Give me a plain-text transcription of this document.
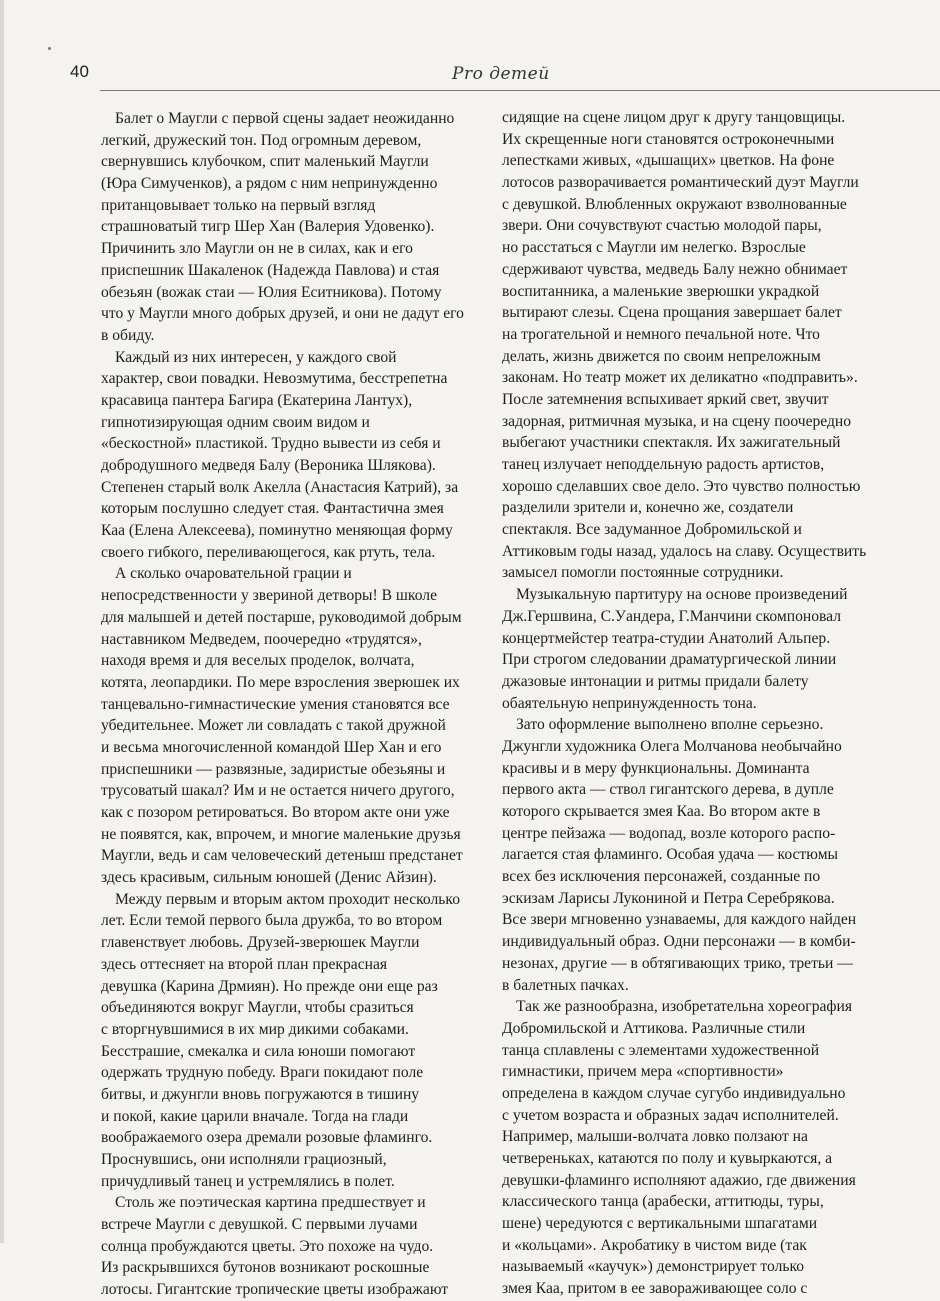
40	Pro детей
Балет о Маугли с первой сцены задает неожиданно
легкий, дружеский тон. Под огромным деревом,
свернувшись клубочком, спит маленький Маугли
(Юра Симученков), а рядом с ним непринужденно
пританцовывает только на первый взгляд
страшноватый тигр Шер Хан (Валерия Удовенко).
Причинить зло Маугли он не в силах, как и его
приспешник Шакаленок (Надежда Павлова) и стая
обезьян (вожак стаи — Юлия Еситникова). Потому
что у Маугли много добрых друзей, и они не дадут его
в обиду.
Каждый из них интересен, у каждого свой
характер, свои повадки. Невозмутима, бесстрепетна
красавица пантера Багира (Екатерина Лантух),
гипнотизирующая одним своим видом и
«бескостной» пластикой. Трудно вывести из себя и
добродушного медведя Балу (Вероника Шлякова).
Степенен старый волк Акелла (Анастасия Катрий), за
которым послушно следует стая. Фантастична змея
Каа (Елена Алексеева), поминутно меняющая форму
своего гибкого, переливающегося, как ртуть, тела.
А сколько очаровательной грации и
непосредственности у звериной детворы! В школе
для малышей и детей постарше, руководимой добрым
наставником Медведем, поочередно «трудятся»,
находя время и для веселых проделок, волчата,
котята, леопардики. По мере взросления зверюшек их
танцевально-гимнастические умения становятся все
убедительнее. Может ли совладать с такой дружной
и весьма многочисленной командой Шер Хан и его
приспешники — развязные, задиристые обезьяны и
трусоватый шакал? Им и не остается ничего другого,
как с позором ретироваться. Во втором акте они уже
не появятся, как, впрочем, и многие маленькие друзья
Маугли, ведь и сам человеческий детеныш предстанет
здесь красивым, сильным юношей (Денис Айзин).
Между первым и вторым актом проходит несколько
лет. Если темой первого была дружба, то во втором
главенствует любовь. Друзей-зверюшек Маугли
здесь оттесняет на второй план прекрасная
девушка (Карина Дрмиян). Но прежде они еще раз
объединяются вокруг Маугли, чтобы сразиться
с вторгнувшимися в их мир дикими собаками.
Бесстрашие, смекалка и сила юноши помогают
одержать трудную победу. Враги покидают поле
битвы, и джунгли вновь погружаются в тишину
и покой, какие царили вначале. Тогда на глади
воображаемого озера дремали розовые фламинго.
Проснувшись, они исполняли грациозный,
причудливый танец и устремлялись в полет.
Столь же поэтическая картина предшествует и
встрече Маугли с девушкой. С первыми лучами
солнца пробуждаются цветы. Это похоже на чудо.
Из раскрывшихся бутонов возникают роскошные
лотосы. Гигантские тропические цветы изображают
сидящие на сцене лицом друг к другу танцовщицы.
Их скрещенные ноги становятся остроконечными
лепестками живых, «дышащих» цветков. На фоне
лотосов разворачивается романтический дуэт Маугли
с девушкой. Влюбленных окружают взволнованные
звери. Они сочувствуют счастью молодой пары,
но расстаться с Маугли им нелегко. Взрослые
сдерживают чувства, медведь Балу нежно обнимает
воспитанника, а маленькие зверюшки украдкой
вытирают слезы. Сцена прощания завершает балет
на трогательной и немного печальной ноте. Что
делать, жизнь движется по своим непреложным
законам. Но театр может их деликатно «подправить».
После затемнения вспыхивает яркий свет, звучит
задорная, ритмичная музыка, и на сцену поочередно
выбегают участники спектакля. Их зажигательный
танец излучает неподдельную радость артистов,
хорошо сделавших свое дело. Это чувство полностью
разделили зрители и, конечно же, создатели
спектакля. Все задуманное Добромильской и
Аттиковым годы назад, удалось на славу. Осуществить
замысел помогли постоянные сотрудники.
Музыкальную партитуру на основе произведений
Дж.Гершвина, С.Уандера, Г.Манчини скомпоновал
концертмейстер театра-студии Анатолий Альпер.
При строгом следовании драматургической линии
джазовые интонации и ритмы придали балету
обаятельную непринужденность тона.
Зато оформление выполнено вполне серьезно.
Джунгли художника Олега Молчанова необычайно
красивы и в меру функциональны. Доминанта
первого акта — ствол гигантского дерева, в дупле
которого скрывается змея Каа. Во втором акте в
центре пейзажа — водопад, возле которого распо-
лагается стая фламинго. Особая удача — костюмы
всех без исключения персонажей, созданные по
эскизам Ларисы Лукониной и Петра Серебрякова.
Все звери мгновенно узнаваемы, для каждого найден
индивидуальный образ. Одни персонажи — в комби-
незонах, другие — в обтягивающих трико, третьи —
в балетных пачках.
Так же разнообразна, изобретательна хореография
Добромильской и Аттикова. Различные стили
танца сплавлены с элементами художественной
гимнастики, причем мера «спортивности»
определена в каждом случае сугубо индивидуально
с учетом возраста и образных задач исполнителей.
Например, малыши-волчата ловко ползают на
четвереньках, катаются по полу и кувыркаются, а
девушки-фламинго исполняют адажио, где движения
классического танца (арабески, аттитюды, туры,
шене) чередуются с вертикальными шпагатами
и «кольцами». Акробатику в чистом виде (так
называемый «каучук») демонстрирует только
змея Каа, притом в ее завораживающее соло с
